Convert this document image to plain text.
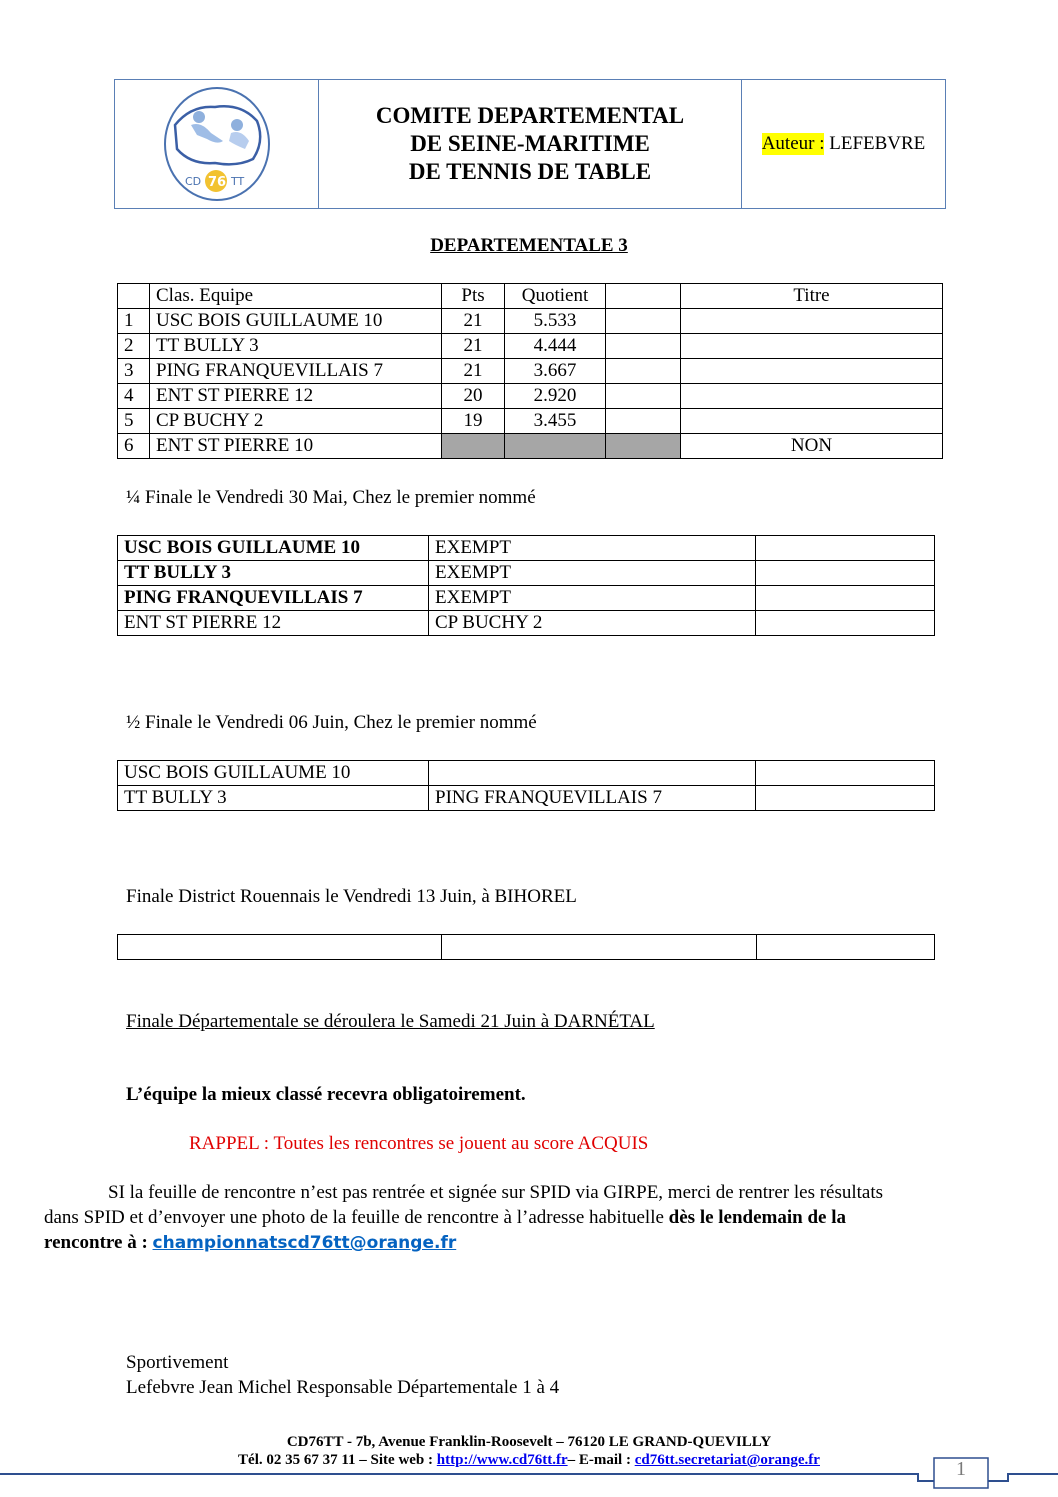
CD 76 TT
COMITE DEPARTEMENTAL
DE SEINE-MARITIME
DE TENNIS DE TABLE
Auteur :
LEFEBVRE
DEPARTEMENTALE 3
	Clas. Equipe	Pts	Quotient		Titre
1	USC BOIS GUILLAUME 10	21	5.533		
2	TT BULLY 3	21	4.444		
3	PING FRANQUEVILLAIS 7	21	3.667		
4	ENT ST PIERRE 12	20	2.920		
5	CP BUCHY 2	19	3.455		
6	ENT ST PIERRE 10				NON
¼ Finale le Vendredi 30 Mai, Chez le premier nommé
USC BOIS GUILLAUME 10	EXEMPT	
TT BULLY 3	EXEMPT	
PING FRANQUEVILLAIS 7	EXEMPT	
ENT ST PIERRE 12	CP BUCHY 2	
½ Finale le Vendredi 06 Juin, Chez le premier nommé
USC BOIS GUILLAUME 10		
TT BULLY 3	PING FRANQUEVILLAIS 7	
Finale District Rouennais le Vendredi 13 Juin, à BIHOREL

Finale Départementale se déroulera le Samedi 21 Juin à DARNÉTAL
L’équipe la mieux classé recevra obligatoirement.
RAPPEL : Toutes les rencontres se jouent au score ACQUIS
SI la feuille de rencontre n’est pas rentrée et signée sur SPID via GIRPE, merci de rentrer les résultats
dans SPID et d’envoyer une photo de la feuille de rencontre à l’adresse habituelle dès le lendemain de la
rencontre à : championnatscd76tt@orange.fr
Sportivement
Lefebvre Jean Michel Responsable Départementale 1 à 4
CD76TT - 7b, Avenue Franklin-Roosevelt – 76120 LE GRAND-QUEVILLY
Tél. 02 35 67 37 11 – Site web : http://www.cd76tt.fr– E-mail : cd76tt.secretariat@orange.fr	1
